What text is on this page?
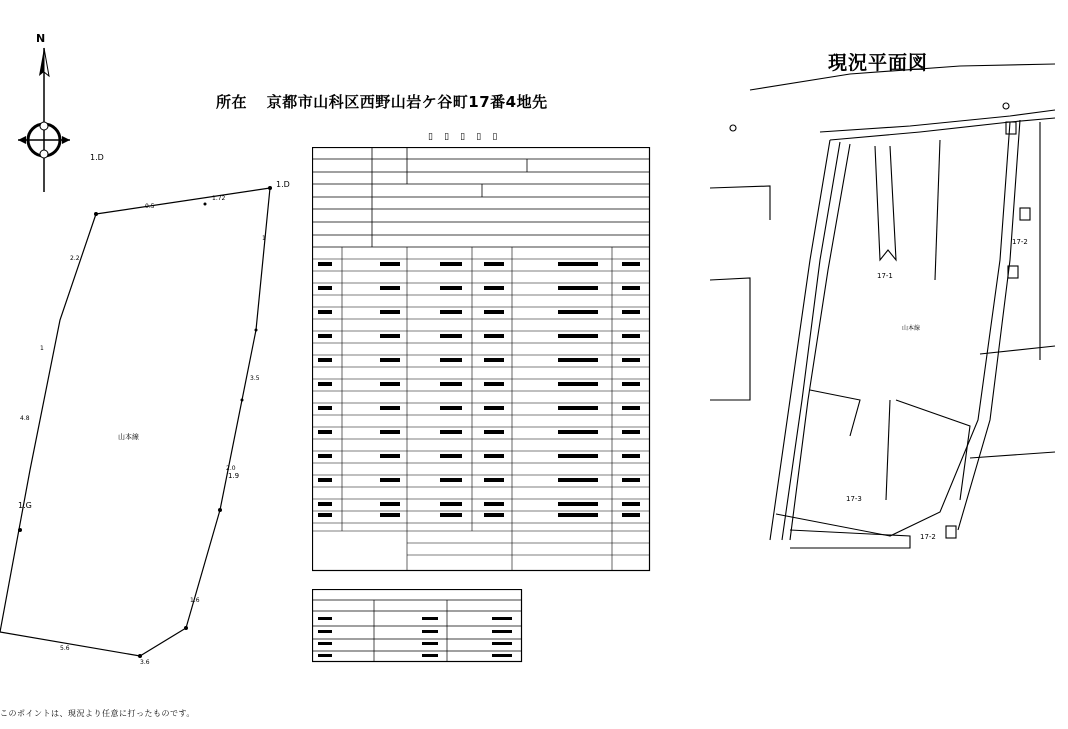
所在 京都市山科区西野山岩ケ谷町17番4地先
現況平面図
N
0.5
1.72
1
3.5
2.0
1.6
3.6
5.6
4.8
1
2.2
1.D
1.D
1.G
1.9
山本線
▯ ▯ ▯ ▯ ▯
17-1
17-2
17-3
17-2
山本線
このポイントは、現況より任意に打ったものです。
